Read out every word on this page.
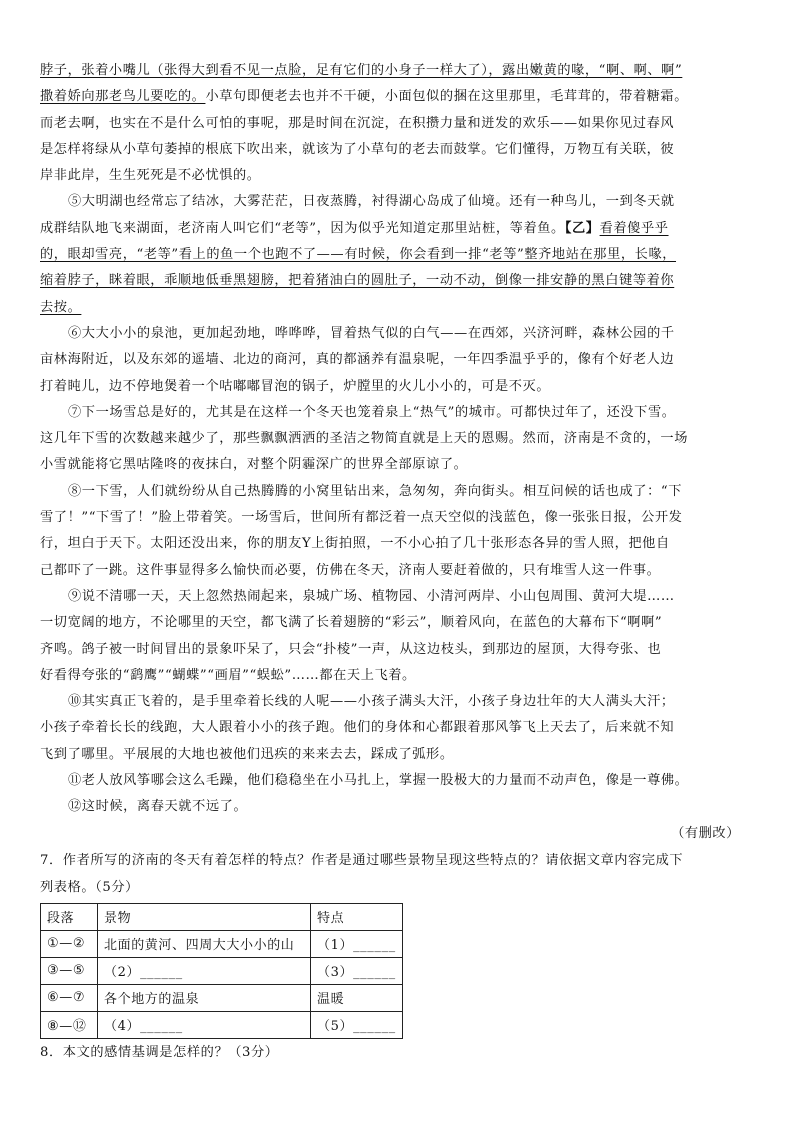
脖子，张着小嘴儿（张得大到看不见一点脸，足有它们的小身子一样大了），露出嫩黄的喙，“啊、啊、啊”
撒着娇向那老鸟儿要吃的。小草句即便老去也并不干硬，小面包似的捆在这里那里，毛茸茸的，带着糖霜。
而老去啊，也实在不是什么可怕的事呢，那是时间在沉淀，在积攒力量和迸发的欢乐——如果你见过春风
是怎样将绿从小草句萎掉的根底下吹出来，就该为了小草句的老去而鼓掌。它们懂得，万物互有关联，彼
岸非此岸，生生死死是不必忧惧的。
⑤大明湖也经常忘了结冰，大雾茫茫，日夜蒸腾，衬得湖心岛成了仙境。还有一种鸟儿，一到冬天就
成群结队地飞来湖面，老济南人叫它们“老等”，因为似乎光知道定那里站桩，等着鱼。【乙】看着傻乎乎
的，眼却雪亮，“老等”看上的鱼一个也跑不了——有时候，你会看到一排“老等”整齐地站在那里，长喙，
缩着脖子，眯着眼，乖顺地低垂黑翅膀，把着猪油白的圆肚子，一动不动，倒像一排安静的黑白键等着你
去按。
⑥大大小小的泉池，更加起劲地，哗哗哗，冒着热气似的白气——在西郊，兴济河畔，森林公园的千
亩林海附近，以及东郊的遥墙、北边的商河，真的都涵养有温泉呢，一年四季温乎乎的，像有个好老人边
打着盹儿，边不停地煲着一个咕嘟嘟冒泡的锅子，炉膛里的火儿小小的，可是不灭。
⑦下一场雪总是好的，尤其是在这样一个冬天也笼着泉上“热气”的城市。可都快过年了，还没下雪。
这几年下雪的次数越来越少了，那些飘飘洒洒的圣洁之物简直就是上天的恩赐。然而，济南是不贪的，一场
小雪就能将它黑咕隆咚的夜抹白，对整个阴霾深广的世界全部原谅了。
⑧一下雪，人们就纷纷从自己热腾腾的小窝里钻出来，急匆匆，奔向街头。相互问候的话也成了：“下
雪了！”“下雪了！”脸上带着笑。一场雪后，世间所有都泛着一点天空似的浅蓝色，像一张张日报，公开发
行，坦白于天下。太阳还没出来，你的朋友Y上街拍照，一不小心拍了几十张形态各异的雪人照，把他自
己都吓了一跳。这件事显得多么愉快而必要，仿佛在冬天，济南人要赶着做的，只有堆雪人这一件事。
⑨说不清哪一天，天上忽然热闹起来，泉城广场、植物园、小清河两岸、小山包周围、黄河大堤……
一切宽阔的地方，不论哪里的天空，都飞满了长着翅膀的“彩云”，顺着风向，在蓝色的大幕布下“啊啊”
齐鸣。鸽子被一时间冒出的景象吓呆了，只会“扑棱”一声，从这边枝头，到那边的屋顶，大得夸张、也
好看得夸张的“鹞鹰”“蝴蝶”“画眉”“蜈蚣”……都在天上飞着。
⑩其实真正飞着的，是手里牵着长线的人呢——小孩子满头大汗，小孩子身边壮年的大人满头大汗；
小孩子牵着长长的线跑，大人跟着小小的孩子跑。他们的身体和心都跟着那风筝飞上天去了，后来就不知
飞到了哪里。平展展的大地也被他们迅疾的来来去去，踩成了弧形。
⑪老人放风筝哪会这么毛躁，他们稳稳坐在小马扎上，掌握一股极大的力量而不动声色，像是一尊佛。
⑫这时候，离春天就不远了。
（有删改）
7．作者所写的济南的冬天有着怎样的特点？作者是通过哪些景物呈现这些特点的？请依据文章内容完成下
列表格。（5分）
段落	景物	特点
①—②	北面的黄河、四周大大小小的山	（1）______
③—⑤	（2）______	（3）______
⑥—⑦	各个地方的温泉	温暖
⑧—⑫	（4）______	（5）______
8．本文的感情基调是怎样的？（3分）
